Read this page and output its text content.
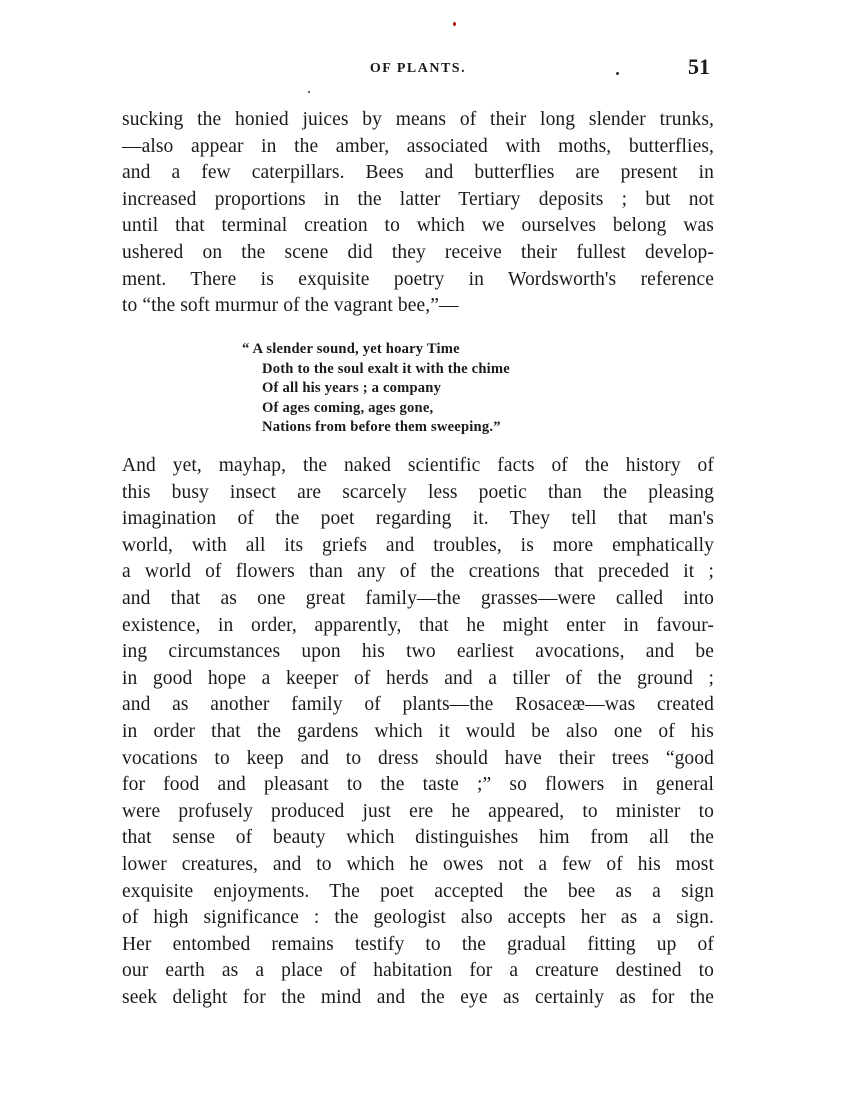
OF PLANTS.	51
sucking the honied juices by means of their long slender trunks,
—also appear in the amber, associated with moths, butterflies,
and a few caterpillars. Bees and butterflies are present in
increased proportions in the latter Tertiary deposits ; but not
until that terminal creation to which we ourselves belong was
ushered on the scene did they receive their fullest develop-
ment. There is exquisite poetry in Wordsworth's reference
to “the soft murmur of the vagrant bee,”—
“ A slender sound, yet hoary Time
Doth to the soul exalt it with the chime
Of all his years ; a company
Of ages coming, ages gone,
Nations from before them sweeping.”
And yet, mayhap, the naked scientific facts of the history of
this busy insect are scarcely less poetic than the pleasing
imagination of the poet regarding it. They tell that man's
world, with all its griefs and troubles, is more emphatically
a world of flowers than any of the creations that preceded it ;
and that as one great family—the grasses—were called into
existence, in order, apparently, that he might enter in favour-
ing circumstances upon his two earliest avocations, and be
in good hope a keeper of herds and a tiller of the ground ;
and as another family of plants—the Rosaceæ—was created
in order that the gardens which it would be also one of his
vocations to keep and to dress should have their trees “good
for food and pleasant to the taste ;” so flowers in general
were profusely produced just ere he appeared, to minister to
that sense of beauty which distinguishes him from all the
lower creatures, and to which he owes not a few of his most
exquisite enjoyments. The poet accepted the bee as a sign
of high significance : the geologist also accepts her as a sign.
Her entombed remains testify to the gradual fitting up of
our earth as a place of habitation for a creature destined to
seek delight for the mind and the eye as certainly as for the
